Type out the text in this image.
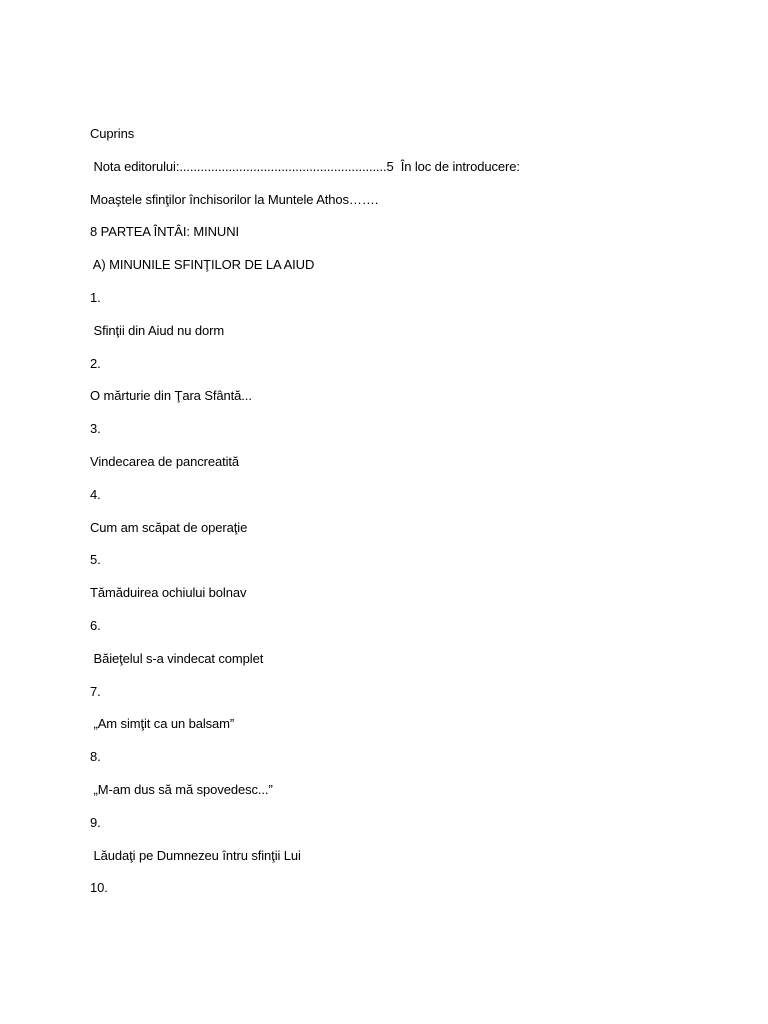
Cuprins
Nota editorului:...........................................................5  În loc de introducere:
Moaştele sfinţilor închisorilor la Muntele Athos…….
8 PARTEA ÎNTÂI: MINUNI
A) MINUNILE SFINŢILOR DE LA AIUD
1.
Sfinţii din Aiud nu dorm
2.
O mărturie din Ţara Sfântă...
3.
Vindecarea de pancreatită
4.
Cum am scăpat de operaţie
5.
Tămăduirea ochiului bolnav
6.
Băieţelul s-a vindecat complet
7.
„Am simţit ca un balsam”
8.
„M-am dus să mă spovedesc...”
9.
Lăudaţi pe Dumnezeu întru sfinţii Lui
10.
